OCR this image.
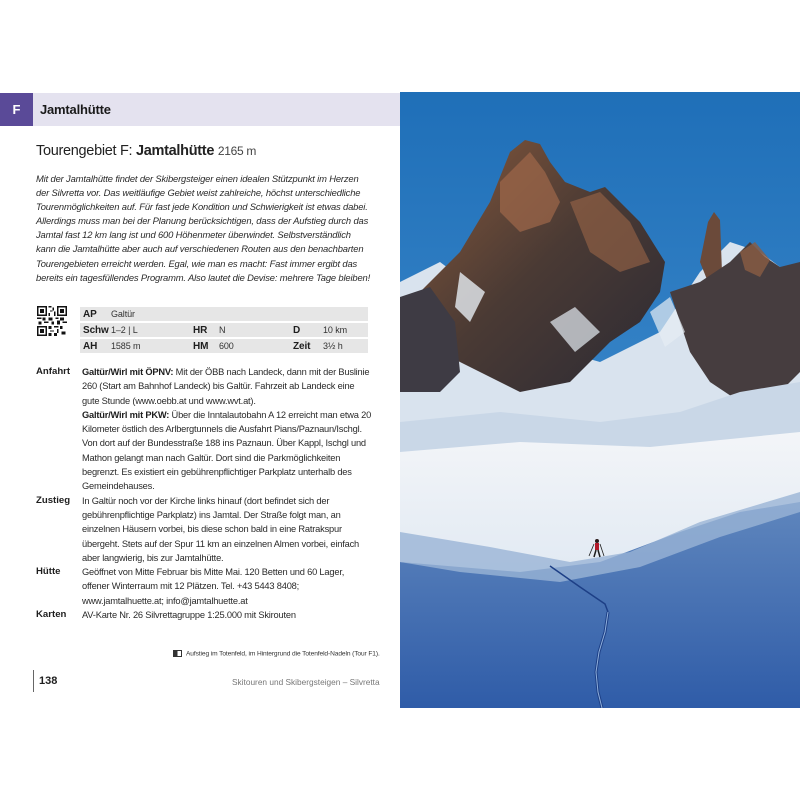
F	Jamtalhütte
Tourengebiet F: Jamtalhütte 2165 m
Mit der Jamtalhütte findet der Skibergsteiger einen idealen Stützpunkt im Herzen der Silvretta vor. Das weitläufige Gebiet weist zahlreiche, höchst unterschiedliche Tourenmöglichkeiten auf. Für fast jede Kondition und Schwierigkeit ist etwas dabei. Allerdings muss man bei der Planung berücksichtigen, dass der Aufstieg durch das Jamtal fast 12 km lang ist und 600 Höhenmeter überwindet. Selbstverständlich kann die Jamtalhütte aber auch auf verschiedenen Routen aus den benachbarten Tourengebieten erreicht werden. Egal, wie man es macht: Fast immer ergibt das bereits ein tagesfüllendes Programm. Also lautet die Devise: mehrere Tage bleiben!
AP	Galtür
Schw 1–2 | L	HR	N	D	10 km
AH	1585 m	HM	600	Zeit	3½ h
Anfahrt	Galtür/Wirl mit ÖPNV: Mit der ÖBB nach Landeck, dann mit der Buslinie 260 (Start am Bahnhof Landeck) bis Galtür. Fahrzeit ab Landeck eine gute Stunde (www.oebb.at und www.wvt.at).

Galtür/Wirl mit PKW: Über die Inntalautobahn A 12 erreicht man etwa 20 Kilometer östlich des Arlbergtunnels die Ausfahrt Pians/Paznaun/Ischgl. Von dort auf der Bundesstraße 188 ins Paznaun. Über Kappl, Ischgl und Mathon gelangt man nach Galtür. Dort sind die Parkmöglichkeiten begrenzt. Es existiert ein gebührenpflichtiger Parkplatz unterhalb des Gemeindehauses.

Zustieg	In Galtür noch vor der Kirche links hinauf (dort befindet sich der gebührenpflichtige Parkplatz) ins Jamtal. Der Straße folgt man, an einzelnen Häusern vorbei, bis diese schon bald in eine Ratrakspur übergeht. Stets auf der Spur 11 km an einzelnen Almen vorbei, einfach aber langwierig, bis zur Jamtalhütte.
Hütte	Geöffnet von Mitte Februar bis Mitte Mai. 120 Betten und 60 Lager, offener Winterraum mit 12 Plätzen. Tel. +43 5443 8408; www.jamtalhuette.at; info@jamtalhuette.at
Karten	AV-Karte Nr. 26 Silvrettagruppe 1:25.000 mit Skirouten
Aufstieg im Totenfeld, im Hintergrund die Totenfeld-Nadeln (Tour F1).
138	Skitouren und Skibergsteigen – Silvretta
